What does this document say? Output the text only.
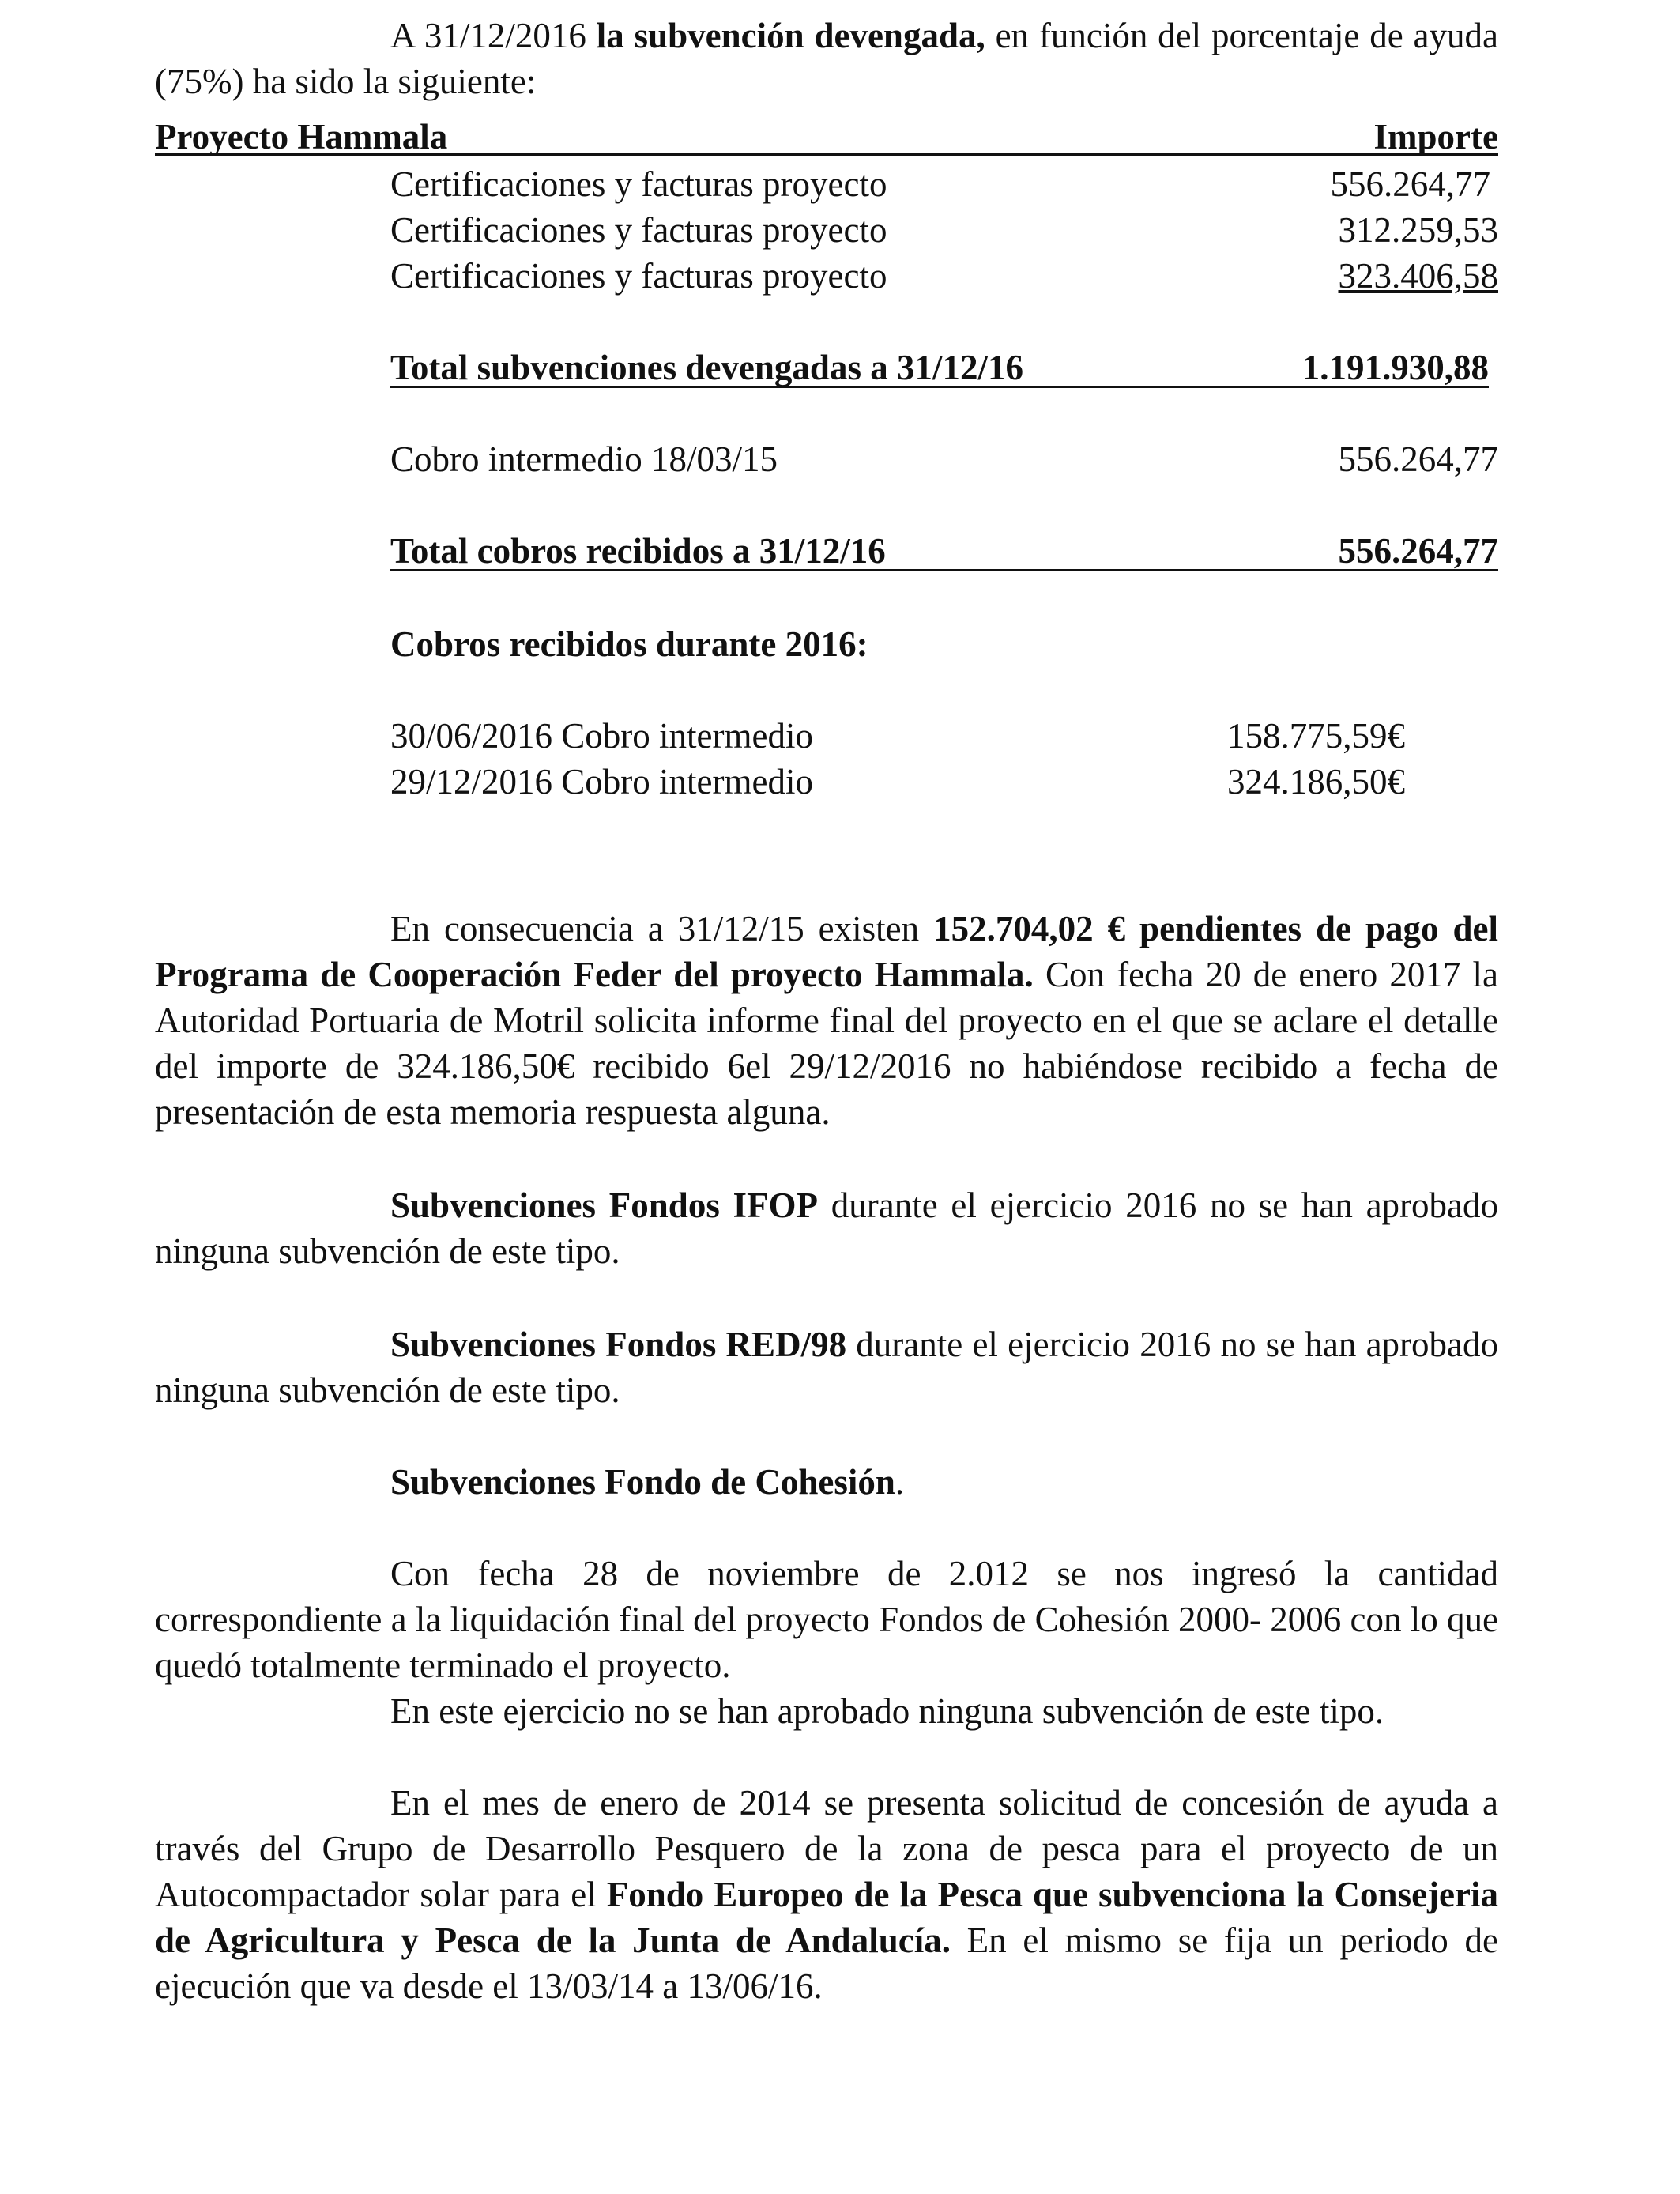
A 31/12/2016 la subvención devengada, en función del porcentaje de ayuda (75%) ha sido la siguiente:
Proyecto Hammala	Importe
Certificaciones y facturas proyecto	556.264,77
Certificaciones y facturas proyecto	312.259,53
Certificaciones y facturas proyecto	323.406,58
Total subvenciones devengadas a 31/12/16	1.191.930,88
Cobro intermedio 18/03/15	556.264,77
Total cobros recibidos a 31/12/16	556.264,77
Cobros recibidos durante 2016:
30/06/2016 Cobro intermedio	158.775,59€
29/12/2016 Cobro intermedio	324.186,50€
En consecuencia a 31/12/15 existen 152.704,02 € pendientes de pago del Programa de Cooperación Feder del proyecto Hammala. Con fecha 20 de enero 2017 la Autoridad Portuaria de Motril solicita informe final del proyecto en el que se aclare el detalle del importe de 324.186,50€ recibido 6el 29/12/2016 no habiéndose recibido a fecha de presentación de esta memoria respuesta alguna.
Subvenciones Fondos IFOP durante el ejercicio 2016 no se han aprobado ninguna subvención de este tipo.
Subvenciones Fondos RED/98 durante el ejercicio 2016 no se han aprobado ninguna subvención de este tipo.
Subvenciones Fondo de Cohesión.
Con fecha 28 de noviembre de 2.012 se nos ingresó la cantidad correspondiente a la liquidación final del proyecto Fondos de Cohesión 2000- 2006 con lo que quedó totalmente terminado el proyecto.
En este ejercicio no se han aprobado ninguna subvención de este tipo.
En el mes de enero de 2014 se presenta solicitud de concesión de ayuda a través del Grupo de Desarrollo Pesquero de la zona de pesca para el proyecto de un Autocompactador solar para el Fondo Europeo de la Pesca que subvenciona la Consejeria de Agricultura y Pesca de la Junta de Andalucía. En el mismo se fija un periodo de ejecución que va desde el 13/03/14 a 13/06/16.
